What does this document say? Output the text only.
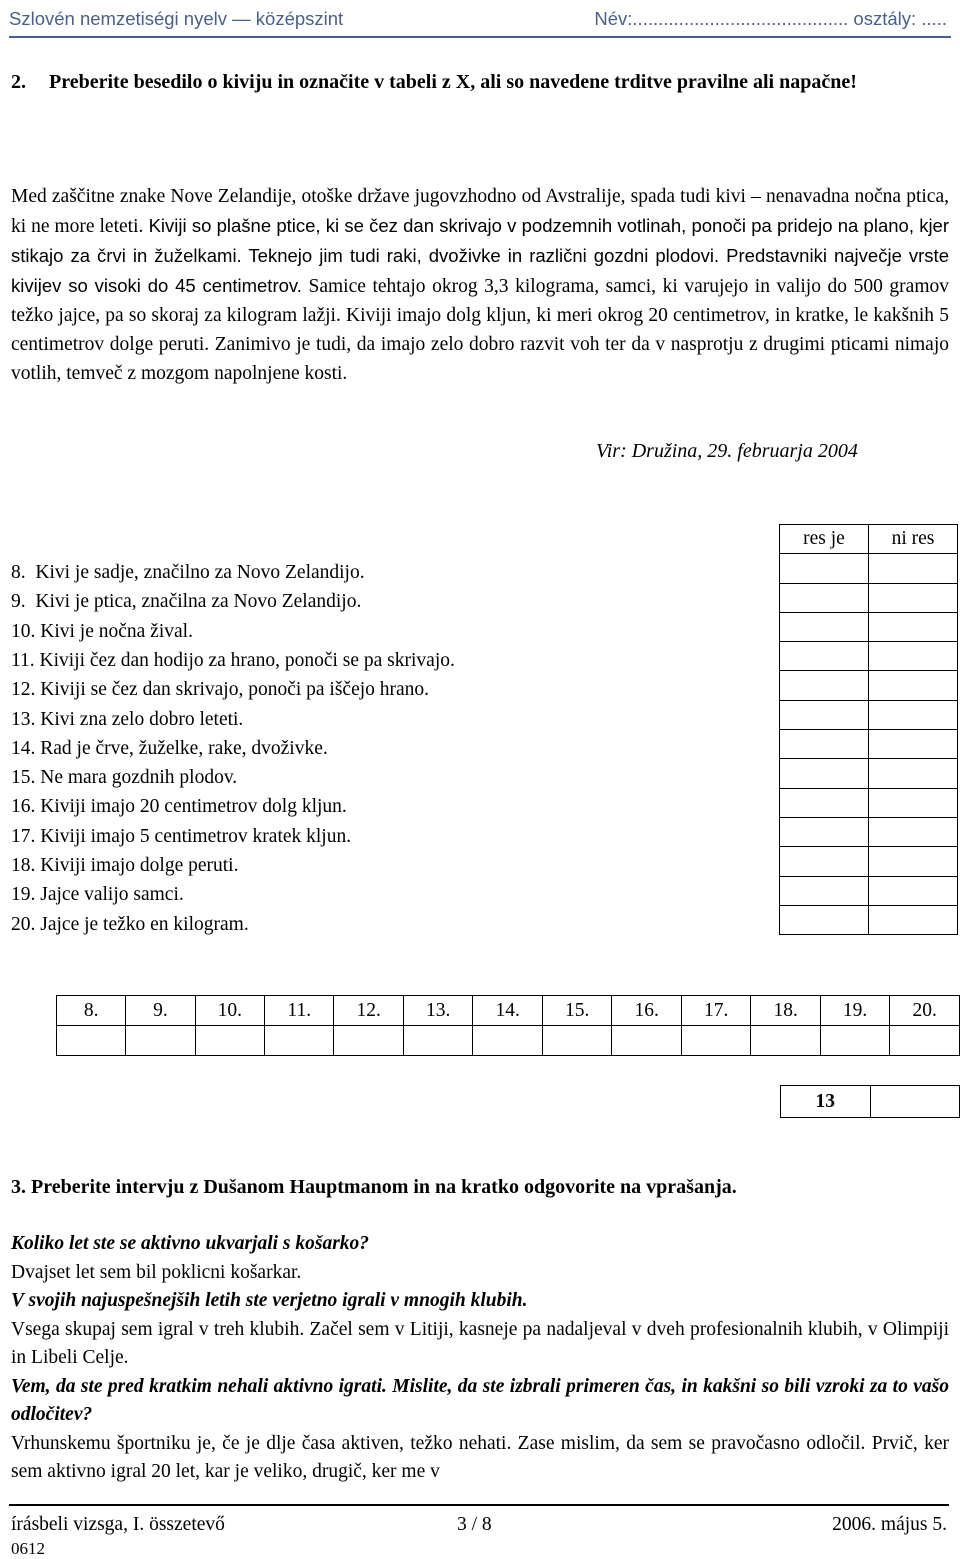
Szlovén nemzetiségi nyelv — középszint	Név:.......................................... osztály: .....
2. Preberite besedilo o kiviju in označite v tabeli z X, ali so navedene trditve pravilne ali napačne!
Med zaščitne znake Nove Zelandije, otoške države jugovzhodno od Avstralije, spada tudi kivi – nenavadna nočna ptica, ki ne more leteti. Kiviji so plašne ptice, ki se čez dan skrivajo v podzemnih votlinah, ponoči pa pridejo na plano, kjer stikajo za črvi in žuželkami. Teknejo jim tudi raki, dvoživke in različni gozdni plodovi. Predstavniki največje vrste kivijev so visoki do 45 centimetrov. Samice tehtajo okrog 3,3 kilograma, samci, ki varujejo in valijo do 500 gramov težko jajce, pa so skoraj za kilogram lažji. Kiviji imajo dolg kljun, ki meri okrog 20 centimetrov, in kratke, le kakšnih 5 centimetrov dolge peruti. Zanimivo je tudi, da imajo zelo dobro razvit voh ter da v nasprotju z drugimi pticami nimajo votlih, temveč z mozgom napolnjene kosti.
Vir: Družina, 29. februarja 2004
	res je	ni res
8.  Kivi je sadje, značilno za Novo Zelandijo.		
9.  Kivi je ptica, značilna za Novo Zelandijo.		
10. Kivi je nočna žival.		
11. Kiviji čez dan hodijo za hrano, ponoči se pa skrivajo.		
12. Kiviji se čez dan skrivajo, ponoči pa iščejo hrano.		
13. Kivi zna zelo dobro leteti.		
14. Rad je črve, žuželke, rake, dvoživke.		
15. Ne mara gozdnih plodov.		
16. Kiviji imajo 20 centimetrov dolg kljun.		
17. Kiviji imajo 5 centimetrov kratek kljun.		
18. Kiviji imajo dolge peruti.		
19. Jajce valijo samci.		
20. Jajce je težko en kilogram.		
8.	9.	10.	11.	12.	13.	14.	15.	16.	17.	18.	19.	20.

13	
3. Preberite intervju z Dušanom Hauptmanom in na kratko odgovorite na vprašanja.

Koliko let ste se aktivno ukvarjali s košarko?

Dvajset let sem bil poklicni košarkar.

V svojih najuspešnejših letih ste verjetno igrali v mnogih klubih.

Vsega skupaj sem igral v treh klubih. Začel sem v Litiji, kasneje pa nadaljeval v dveh profesionalnih klubih, v Olimpiji in Libeli Celje.

Vem, da ste pred kratkim nehali aktivno igrati. Mislite, da ste izbrali primeren čas, in kakšni so bili vzroki za to vašo odločitev?

Vrhunskemu športniku je, če je dlje časa aktiven, težko nehati. Zase mislim, da sem se pravočasno odločil. Prvič, ker sem aktivno igral 20 let, kar je veliko, drugič, ker me v

írásbeli vizsga, I. összetevő	3 / 8	2006. május 5.
0612
